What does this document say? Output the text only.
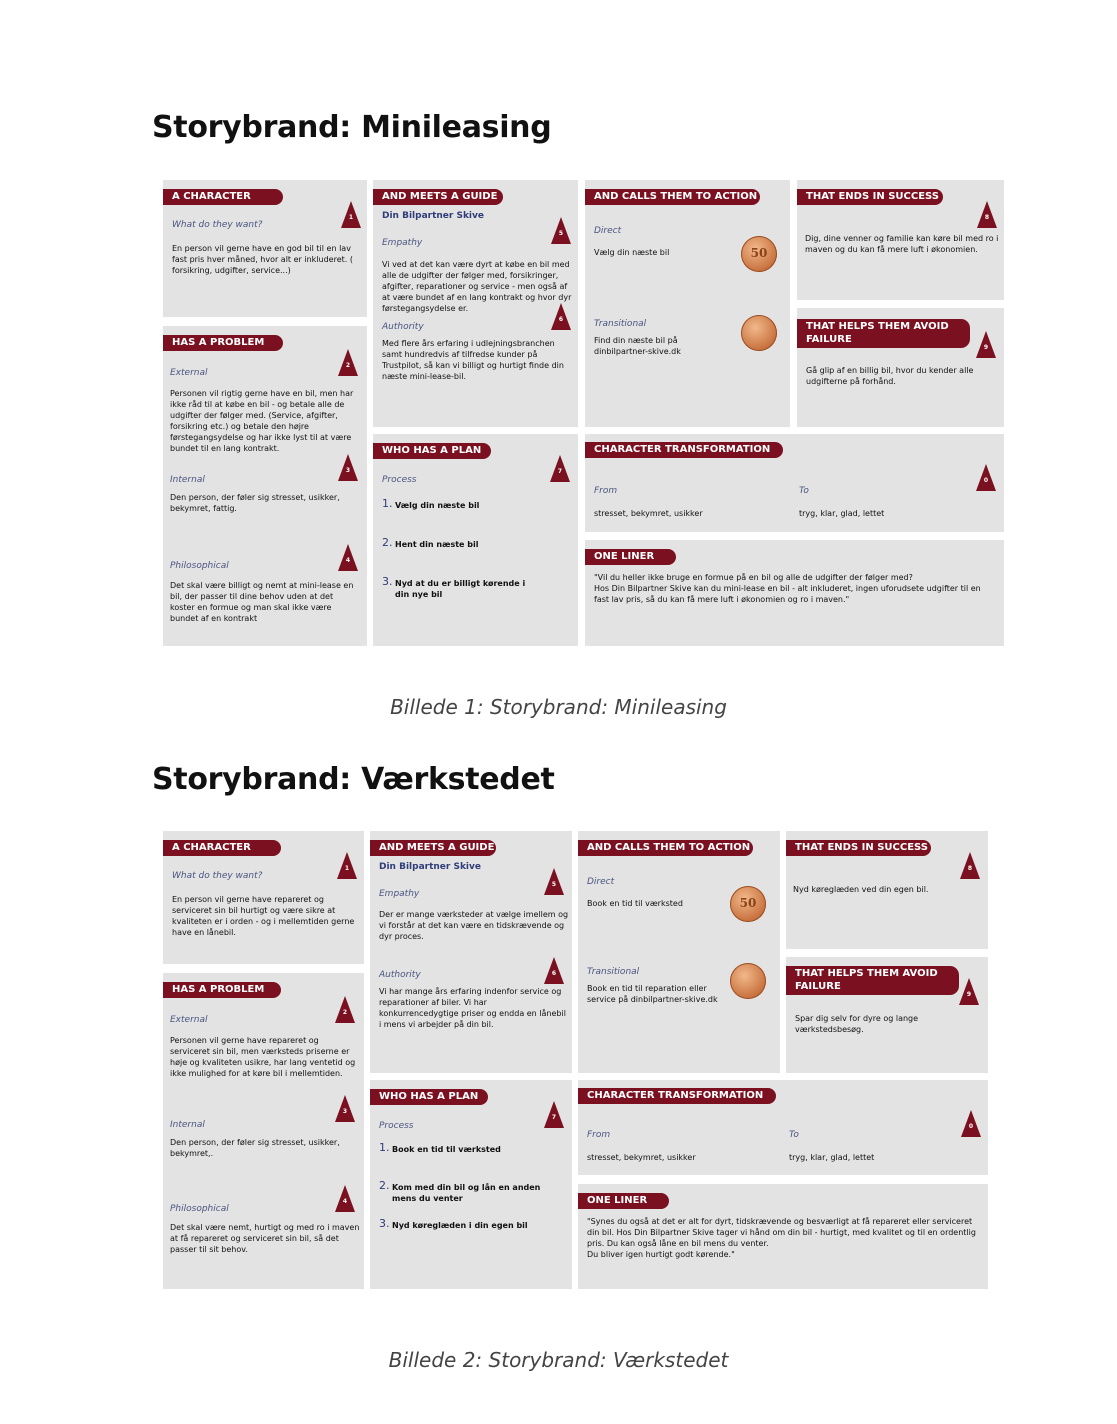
Storybrand: Minileasing
A CHARACTER
1
What do they want?
En person vil gerne have en god bil til en lav fast pris hver måned, hvor alt er inkluderet. ( forsikring, udgifter, service...)
HAS A PROBLEM
2
External
Personen vil rigtig gerne have en bil, men har ikke råd til at købe en bil - og betale alle de udgifter der følger med. (Service, afgifter, forsikring etc.) og betale den højre førstegangsydelse og har ikke lyst til at være bundet til en lang kontrakt.
3
Internal
Den person, der føler sig stresset, usikker, bekymret, fattig.
4
Philosophical
Det skal være billigt og nemt at mini-lease en bil, der passer til dine behov uden at det koster en formue og man skal ikke være bundet af en kontrakt
AND MEETS A GUIDE
Din Bilpartner Skive
5
Empathy
Vi ved at det kan være dyrt at købe en bil med alle de udgifter der følger med, forsikringer, afgifter, reparationer og service - men også af at være bundet af en lang kontrakt og hvor dyr førstegangsydelse er.
6
Authority
Med flere års erfaring i udlejningsbranchen samt hundredvis af tilfredse kunder på Trustpilot, så kan vi billigt og hurtigt finde din næste mini-lease-bil.
WHO HAS A PLAN
7
Process
1. Vælg din næste bil
2. Hent din næste bil
3. Nyd at du er billigt kørende i din nye bil
AND CALLS THEM TO ACTION
Direct
Vælg din næste bil	50
Transitional
Find din næste bil på dinbilpartner-skive.dk
THAT ENDS IN SUCCESS
8
Dig, dine venner og familie kan køre bil med ro i maven og du kan få mere luft i økonomien.
THAT HELPS THEM AVOID FAILURE
9
Gå glip af en billig bil, hvor du kender alle udgifterne på forhånd.
CHARACTER TRANSFORMATION
0
From
stresset, bekymret, usikker
To
tryg, klar, glad, lettet
ONE LINER
"Vil du heller ikke bruge en formue på en bil og alle de udgifter der følger med?
Hos Din Bilpartner Skive kan du mini-lease en bil - alt inkluderet, ingen uforudsete udgifter til en fast lav pris, så du kan få mere luft i økonomien og ro i maven."
Billede 1: Storybrand: Minileasing
Storybrand: Værkstedet
A CHARACTER
1
What do they want?
En person vil gerne have repareret og serviceret sin bil hurtigt og være sikre at kvaliteten er i orden - og i mellemtiden gerne have en lånebil.
HAS A PROBLEM
2
External
Personen vil gerne have repareret og serviceret sin bil, men værksteds priserne er høje og kvaliteten usikre, har lang ventetid og ikke mulighed for at køre bil i mellemtiden.
3
Internal
Den person, der føler sig stresset, usikker, bekymret,.
4
Philosophical
Det skal være nemt, hurtigt og med ro i maven at få repareret og serviceret sin bil, så det passer til sit behov.
AND MEETS A GUIDE
Din Bilpartner Skive
5
Empathy
Der er mange værksteder at vælge imellem og vi forstår at det kan være en tidskrævende og dyr proces.
6
Authority
Vi har mange års erfaring indenfor service og reparationer af biler. Vi har konkurrencedygtige priser og endda en lånebil i mens vi arbejder på din bil.
WHO HAS A PLAN
7
Process
1. Book en tid til værksted
2. Kom med din bil og lån en anden mens du venter
3. Nyd køreglæden i din egen bil
AND CALLS THEM TO ACTION
Direct
Book en tid til værksted	50
Transitional
Book en tid til reparation eller service på dinbilpartner-skive.dk
THAT ENDS IN SUCCESS
8
Nyd køreglæden ved din egen bil.
THAT HELPS THEM AVOID FAILURE
9
Spar dig selv for dyre og lange værkstedsbesøg.
CHARACTER TRANSFORMATION
0
From
stresset, bekymret, usikker
To
tryg, klar, glad, lettet
ONE LINER
"Synes du også at det er alt for dyrt, tidskrævende og besværligt at få repareret eller serviceret din bil. Hos Din Bilpartner Skive tager vi hånd om din bil - hurtigt, med kvalitet og til en ordentlig pris. Du kan også låne en bil mens du venter.
Du bliver igen hurtigt godt kørende."
Billede 2: Storybrand: Værkstedet
